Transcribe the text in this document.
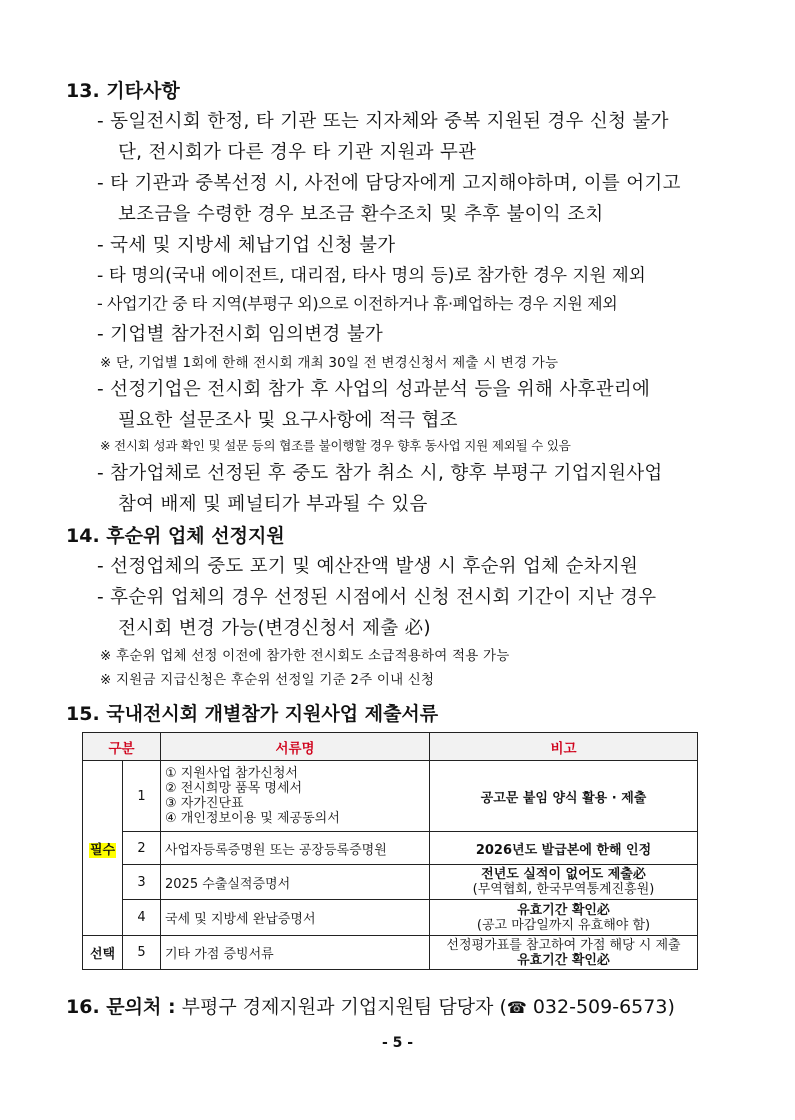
13. 기타사항
- 동일전시회 한정, 타 기관 또는 지자체와 중복 지원된 경우 신청 불가
단, 전시회가 다른 경우 타 기관 지원과 무관
- 타 기관과 중복선정 시, 사전에 담당자에게 고지해야하며, 이를 어기고
보조금을 수령한 경우 보조금 환수조치 및 추후 불이익 조치
- 국세 및 지방세 체납기업 신청 불가
- 타 명의(국내 에이전트, 대리점, 타사 명의 등)로 참가한 경우 지원 제외
- 사업기간 중 타 지역(부평구 외)으로 이전하거나 휴·폐업하는 경우 지원 제외
- 기업별 참가전시회 임의변경 불가
※ 단, 기업별 1회에 한해 전시회 개최 30일 전 변경신청서 제출 시 변경 가능
- 선정기업은 전시회 참가 후 사업의 성과분석 등을 위해 사후관리에
필요한 설문조사 및 요구사항에 적극 협조
※ 전시회 성과 확인 및 설문 등의 협조를 불이행할 경우 향후 동사업 지원 제외될 수 있음
- 참가업체로 선정된 후 중도 참가 취소 시, 향후 부평구 기업지원사업
참여 배제 및 페널티가 부과될 수 있음
14. 후순위 업체 선정지원
- 선정업체의 중도 포기 및 예산잔액 발생 시 후순위 업체 순차지원
- 후순위 업체의 경우 선정된 시점에서 신청 전시회 기간이 지난 경우
전시회 변경 가능(변경신청서 제출 必)
※ 후순위 업체 선정 이전에 참가한 전시회도 소급적용하여 적용 가능
※ 지원금 지급신청은 후순위 선정일 기준 2주 이내 신청
15. 국내전시회 개별참가 지원사업 제출서류
구분		서류명	비고
필수	1	① 지원사업 참가신청서
② 전시희망 품목 명세서
③ 자가진단표
④ 개인정보이용 및 제공동의서	공고문 붙임 양식 활용 · 제출
	2	사업자등록증명원 또는 공장등록증명원	2026년도 발급본에 한해 인정
	3	2025 수출실적증명서	전년도 실적이 없어도 제출必
(무역협회, 한국무역통계진흥원)

	4	국세 및 지방세 완납증명서	유효기간 확인必
(공고 마감일까지 유효해야 함)

선택	5	기타 가점 증빙서류	선정평가표를 참고하여 가점 해당 시 제출
유효기간 확인必
16. 문의처 : 부평구 경제지원과 기업지원팀 담당자 (☎ 032-509-6573)
- 5 -
